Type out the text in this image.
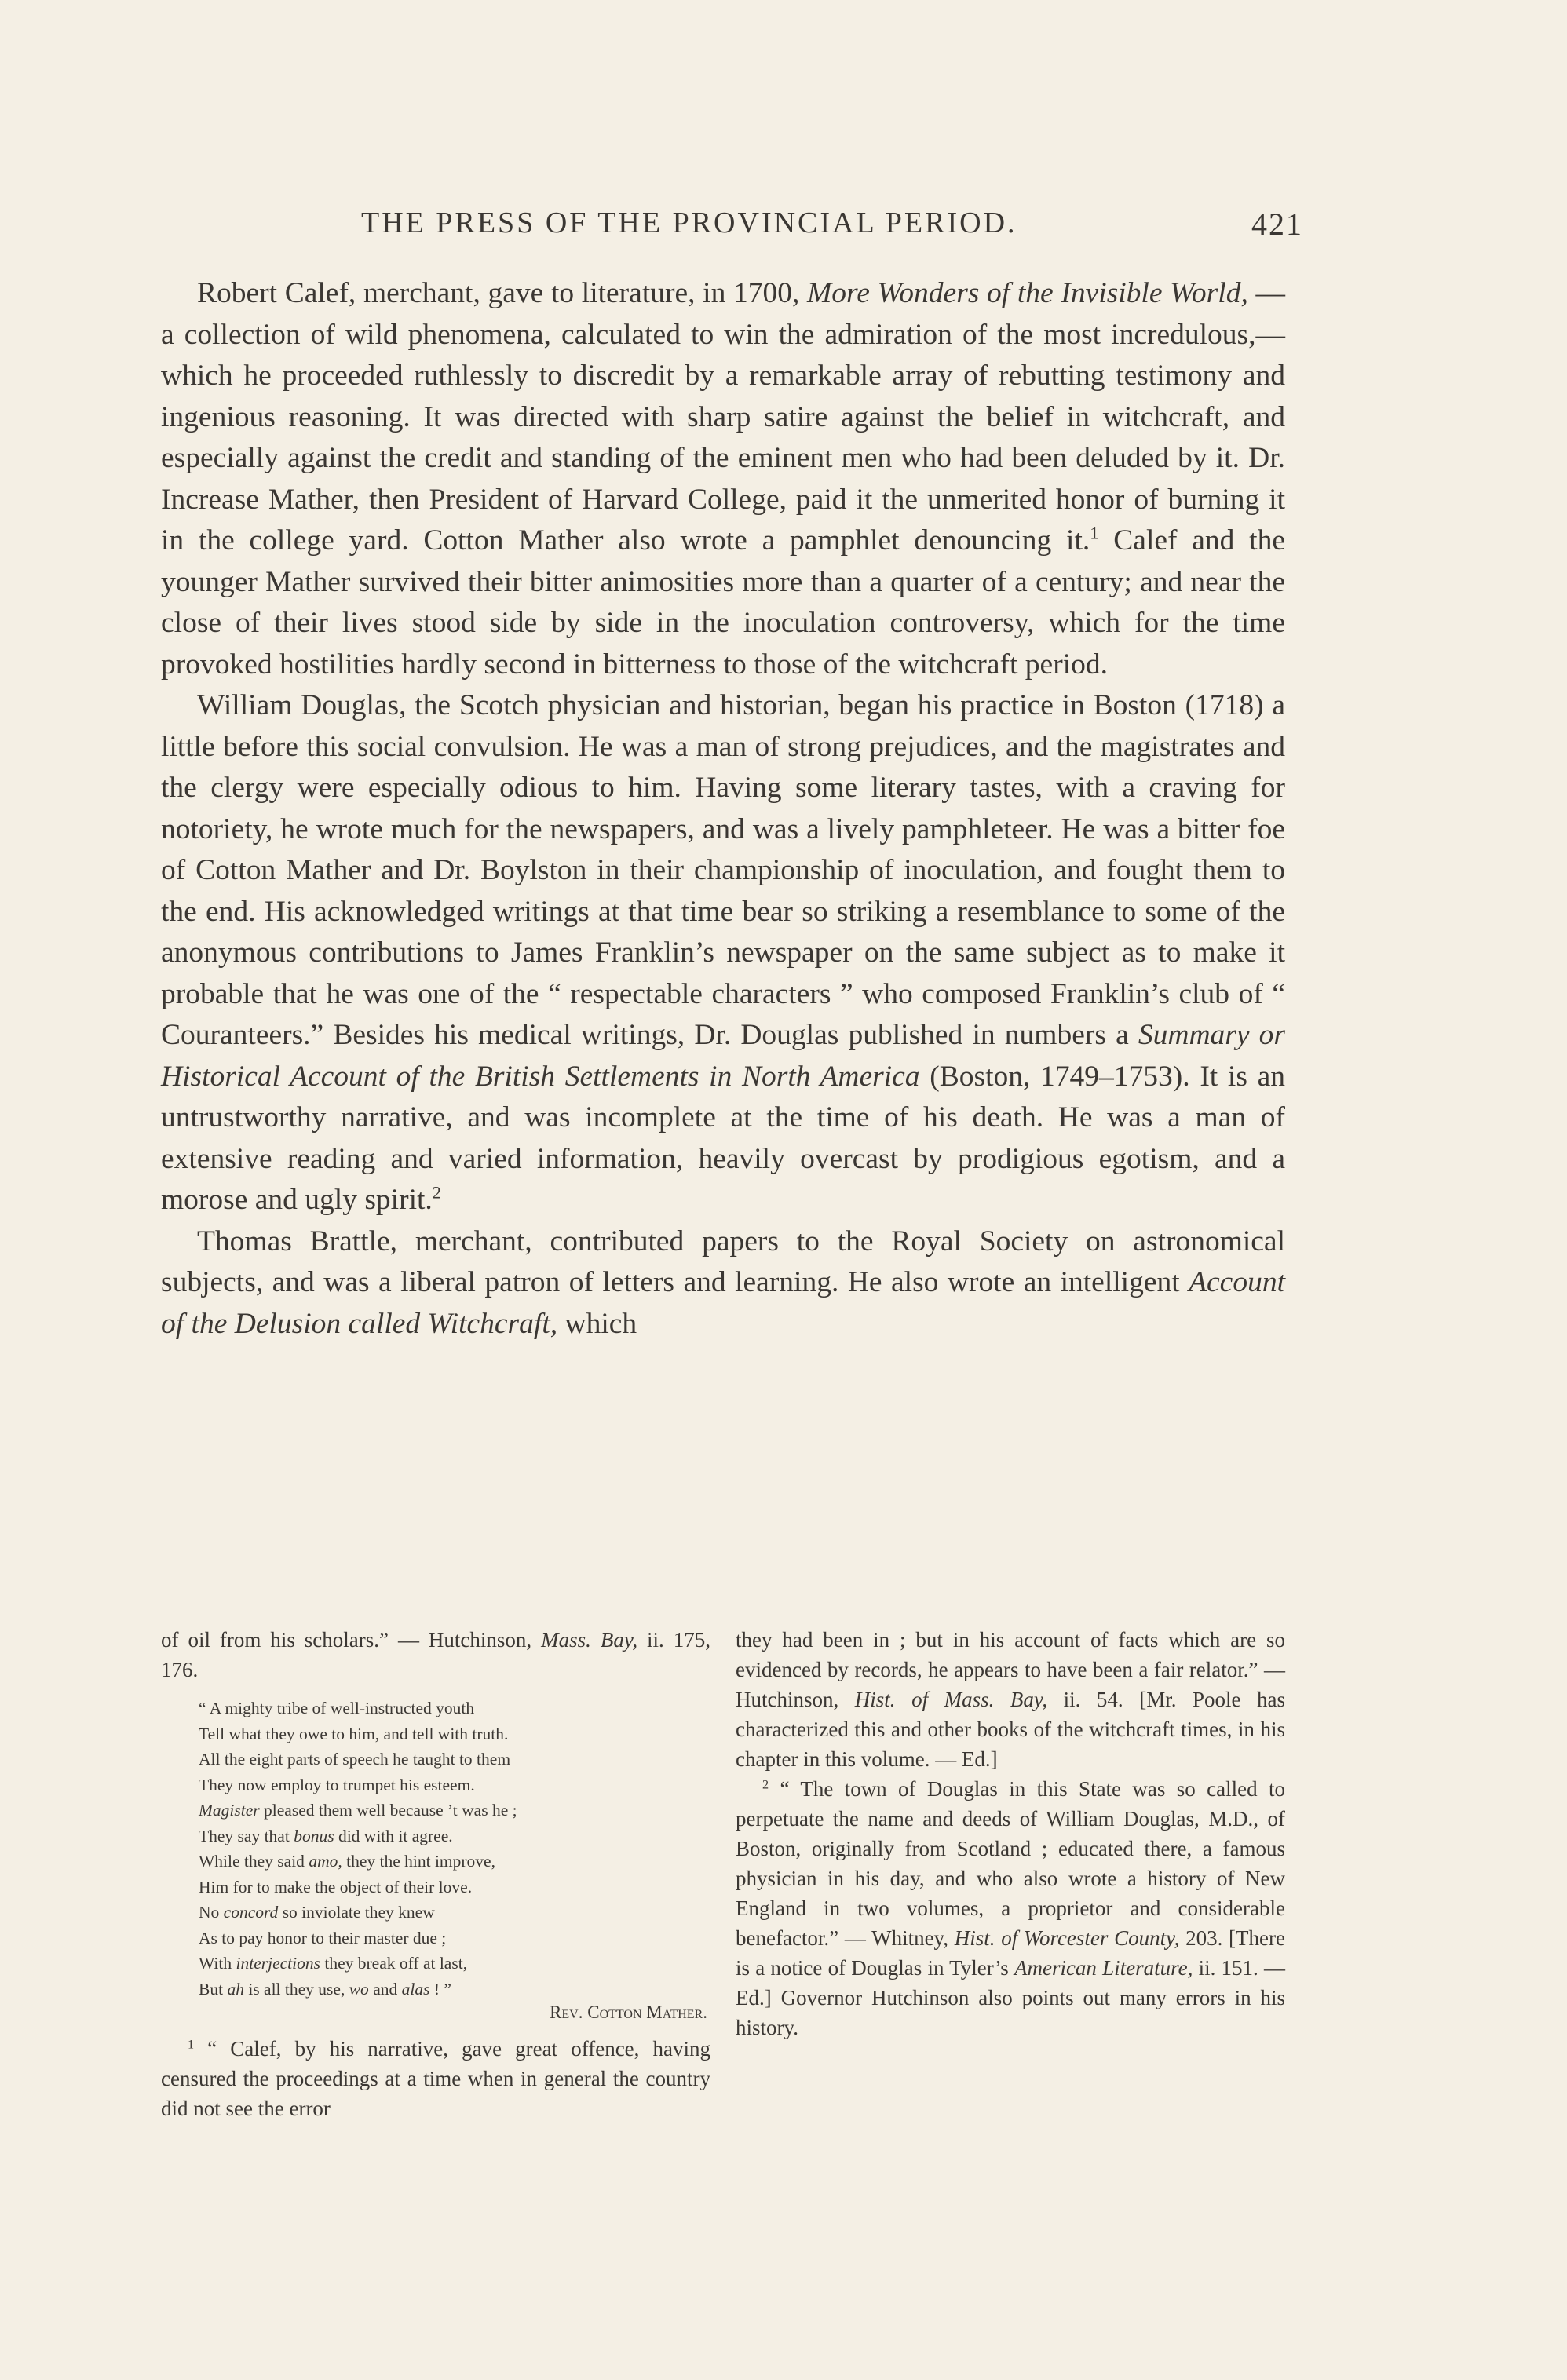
THE PRESS OF THE PROVINCIAL PERIOD.	421

Robert Calef, merchant, gave to literature, in 1700, More Wonders of the Invisible World, — a collection of wild phenomena, calculated to win the admiration of the most incredulous,— which he proceeded ruthlessly to discredit by a remarkable array of rebutting testimony and ingenious reasoning. It was directed with sharp satire against the belief in witchcraft, and especially against the credit and standing of the eminent men who had been deluded by it. Dr. Increase Mather, then President of Harvard College, paid it the unmerited honor of burning it in the college yard. Cotton Mather also wrote a pamphlet denouncing it.$^1$ Calef and the younger Mather survived their bitter animosities more than a quarter of a century; and near the close of their lives stood side by side in the inoculation controversy, which for the time provoked hostilities hardly second in bitterness to those of the witchcraft period.

William Douglas, the Scotch physician and historian, began his practice in Boston (1718) a little before this social convulsion. He was a man of strong prejudices, and the magistrates and the clergy were especially odious to him. Having some literary tastes, with a craving for notoriety, he wrote much for the newspapers, and was a lively pamphleteer. He was a bitter foe of Cotton Mather and Dr. Boylston in their championship of inoculation, and fought them to the end. His acknowledged writings at that time bear so striking a resemblance to some of the anonymous contributions to James Franklin’s newspaper on the same subject as to make it probable that he was one of the “ respectable characters ” who composed Franklin’s club of “ Couranteers.” Besides his medical writings, Dr. Douglas published in numbers a Summary or Historical Account of the British Settlements in North America (Boston, 1749–1753). It is an untrustworthy narrative, and was incomplete at the time of his death. He was a man of extensive reading and varied information, heavily overcast by prodigious egotism, and a morose and ugly spirit.$^2$

Thomas Brattle, merchant, contributed papers to the Royal Society on astronomical subjects, and was a liberal patron of letters and learning. He also wrote an intelligent Account of the Delusion called Witchcraft, which

of oil from his scholars.” — Hutchinson, Mass. Bay, ii. 175, 176.

“ A mighty tribe of well-instructed youth
Tell what they owe to him, and tell with truth.
All the eight parts of speech he taught to them
They now employ to trumpet his esteem.
Magister pleased them well because ’t was he ;
They say that bonus did with it agree.
While they said amo, they the hint improve,
Him for to make the object of their love.
No concord so inviolate they knew
As to pay honor to their master due ;
With interjections they break off at last,
But ah is all they use, wo and alas ! ”
Rev. Cotton Mather.

$^1$ “ Calef, by his narrative, gave great offence, having censured the proceedings at a time when in general the country did not see the error

they had been in ; but in his account of facts which are so evidenced by records, he appears to have been a fair relator.” — Hutchinson, Hist. of Mass. Bay, ii. 54. [Mr. Poole has characterized this and other books of the witchcraft times, in his chapter in this volume. — Ed.]

$^2$ “ The town of Douglas in this State was so called to perpetuate the name and deeds of William Douglas, M.D., of Boston, originally from Scotland ; educated there, a famous physician in his day, and who also wrote a history of New England in two volumes, a proprietor and considerable benefactor.” — Whitney, Hist. of Worcester County, 203. [There is a notice of Douglas in Tyler’s American Literature, ii. 151. — Ed.] Governor Hutchinson also points out many errors in his history.
